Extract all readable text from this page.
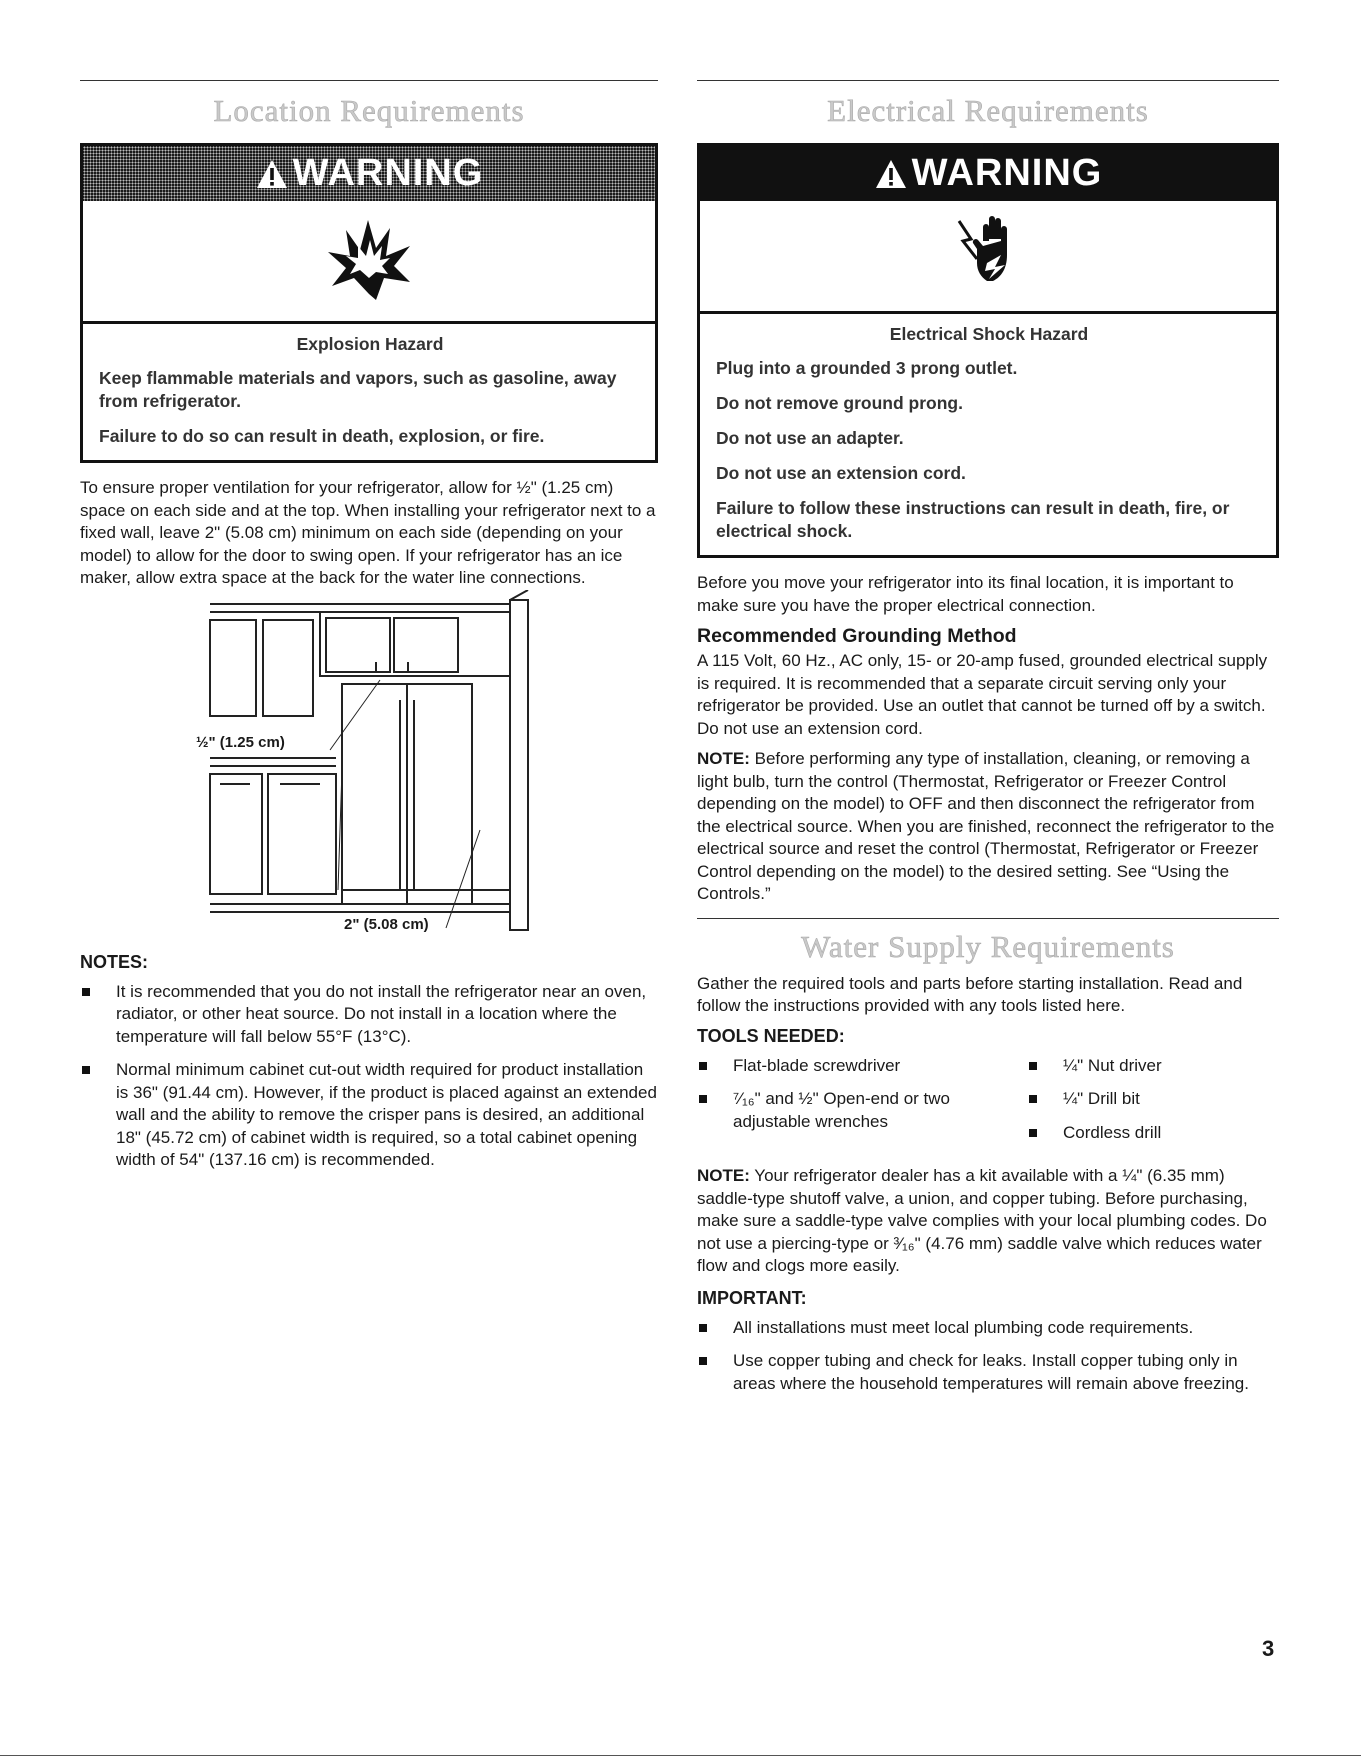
Location Requirements
WARNING
Explosion Hazard

Keep flammable materials and vapors, such as gasoline, away from refrigerator.

Failure to do so can result in death, explosion, or fire.

To ensure proper ventilation for your refrigerator, allow for ½" (1.25 cm) space on each side and at the top. When installing your refrigerator next to a fixed wall, leave 2" (5.08 cm) minimum on each side (depending on your model) to allow for the door to swing open. If your refrigerator has an ice maker, allow extra space at the back for the water line connections.

½" (1.25 cm)
2" (5.08 cm)
NOTES:
It is recommended that you do not install the refrigerator near an oven, radiator, or other heat source. Do not install in a location where the temperature will fall below 55°F (13°C).
Normal minimum cabinet cut-out width required for product installation is 36" (91.44 cm). However, if the product is placed against an extended wall and the ability to remove the crisper pans is desired, an additional 18" (45.72 cm) of cabinet width is required, so a total cabinet opening width of 54" (137.16 cm) is recommended.
Electrical Requirements
WARNING
Electrical Shock Hazard

Plug into a grounded 3 prong outlet.

Do not remove ground prong.

Do not use an adapter.

Do not use an extension cord.

Failure to follow these instructions can result in death, fire, or electrical shock.

Before you move your refrigerator into its final location, it is important to make sure you have the proper electrical connection.

Recommended Grounding Method

A 115 Volt, 60 Hz., AC only, 15- or 20-amp fused, grounded electrical supply is required. It is recommended that a separate circuit serving only your refrigerator be provided. Use an outlet that cannot be turned off by a switch. Do not use an extension cord.

NOTE: Before performing any type of installation, cleaning, or removing a light bulb, turn the control (Thermostat, Refrigerator or Freezer Control depending on the model) to OFF and then disconnect the refrigerator from the electrical source. When you are finished, reconnect the refrigerator to the electrical source and reset the control (Thermostat, Refrigerator or Freezer Control depending on the model) to the desired setting. See “Using the Controls.”

Water Supply Requirements

Gather the required tools and parts before starting installation. Read and follow the instructions provided with any tools listed here.

TOOLS NEEDED:
Flat-blade screwdriver
⁷⁄₁₆" and ½" Open-end or two adjustable wrenches
¼" Nut driver
¼" Drill bit
Cordless drill

NOTE: Your refrigerator dealer has a kit available with a ¼" (6.35 mm) saddle-type shutoff valve, a union, and copper tubing. Before purchasing, make sure a saddle-type valve complies with your local plumbing codes. Do not use a piercing-type or ³⁄₁₆" (4.76 mm) saddle valve which reduces water flow and clogs more easily.

IMPORTANT:
All installations must meet local plumbing code requirements.
Use copper tubing and check for leaks. Install copper tubing only in areas where the household temperatures will remain above freezing.
3
